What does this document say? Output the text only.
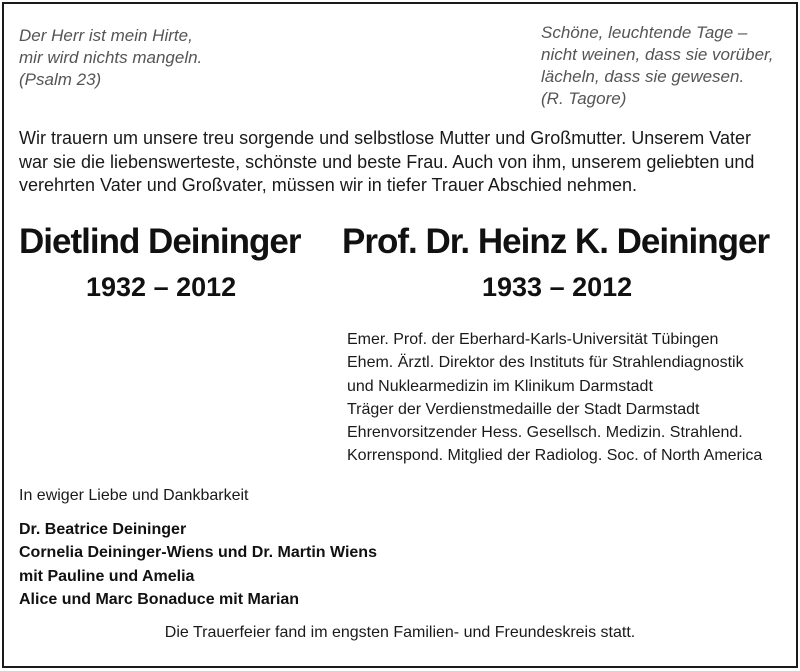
Der Herr ist mein Hirte,
mir wird nichts mangeln.
(Psalm 23)
Schöne, leuchtende Tage –
nicht weinen, dass sie vorüber,
lächeln, dass sie gewesen.
(R. Tagore)
Wir trauern um unsere treu sorgende und selbstlose Mutter und Großmutter. Unserem Vater
war sie die liebenswerteste, schönste und beste Frau. Auch von ihm, unserem geliebten und
verehrten Vater und Großvater, müssen wir in tiefer Trauer Abschied nehmen.
Dietlind Deininger Prof. Dr. Heinz K. Deininger
1932 – 2012	1933 – 2012
Emer. Prof. der Eberhard-Karls-Universität Tübingen
Ehem. Ärztl. Direktor des Instituts für Strahlendiagnostik
und Nuklearmedizin im Klinikum Darmstadt
Träger der Verdienstmedaille der Stadt Darmstadt
Ehrenvorsitzender Hess. Gesellsch. Medizin. Strahlend.
Korrenspond. Mitglied der Radiolog. Soc. of North America
In ewiger Liebe und Dankbarkeit
Dr. Beatrice Deininger
Cornelia Deininger-Wiens und Dr. Martin Wiens
mit Pauline und Amelia
Alice und Marc Bonaduce mit Marian
Die Trauerfeier fand im engsten Familien- und Freundeskreis statt.
